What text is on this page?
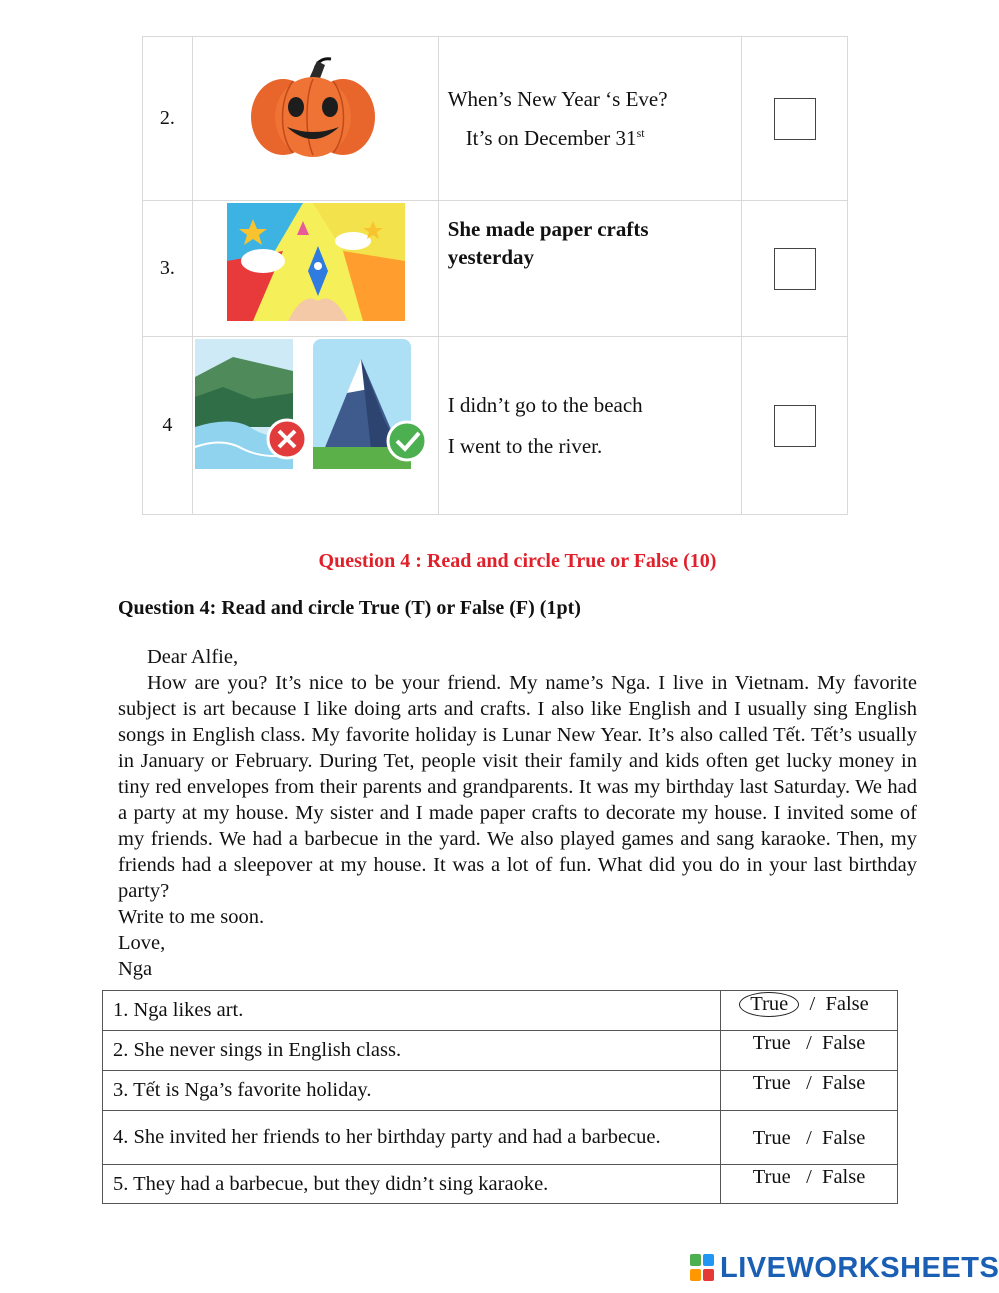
2.		When’s New Year ‘s Eve?
It’s on December 31st

3.		She made paper crafts
yesterday	

4		I didn’t go to the beach
I went to the river.	

Question 4 : Read and circle True or False (10)
Question 4: Read and circle True (T) or False (F) (1pt)

Dear Alfie,

How are you? It’s nice to be your friend. My name’s Nga. I live in Vietnam. My favorite subject is art because I like doing arts and crafts. I also like English and I usually sing English songs in English class. My favorite holiday is Lunar New Year. It’s also called Tết. Tết’s usually in January or February. During Tet, people visit their family and kids often get lucky money in tiny red envelopes from their parents and grandparents. It was my birthday last Saturday. We had a party at my house. My sister and I made paper crafts to decorate my house. I invited some of my friends. We had a barbecue in the yard. We also played games and sang karaoke. Then, my friends had a sleepover at my house. It was a lot of fun. What did you do in your last birthday party?

Write to me soon.

Love,

Nga

1. Nga likes art.	True / False
2. She never sings in English class.	True / False
3. Tết is Nga’s favorite holiday.	True / False
4. She invited her friends to her birthday party and had a barbecue.	True / False
5. They had a barbecue, but they didn’t sing karaoke.	True / False
LIVEWORKSHEETS
